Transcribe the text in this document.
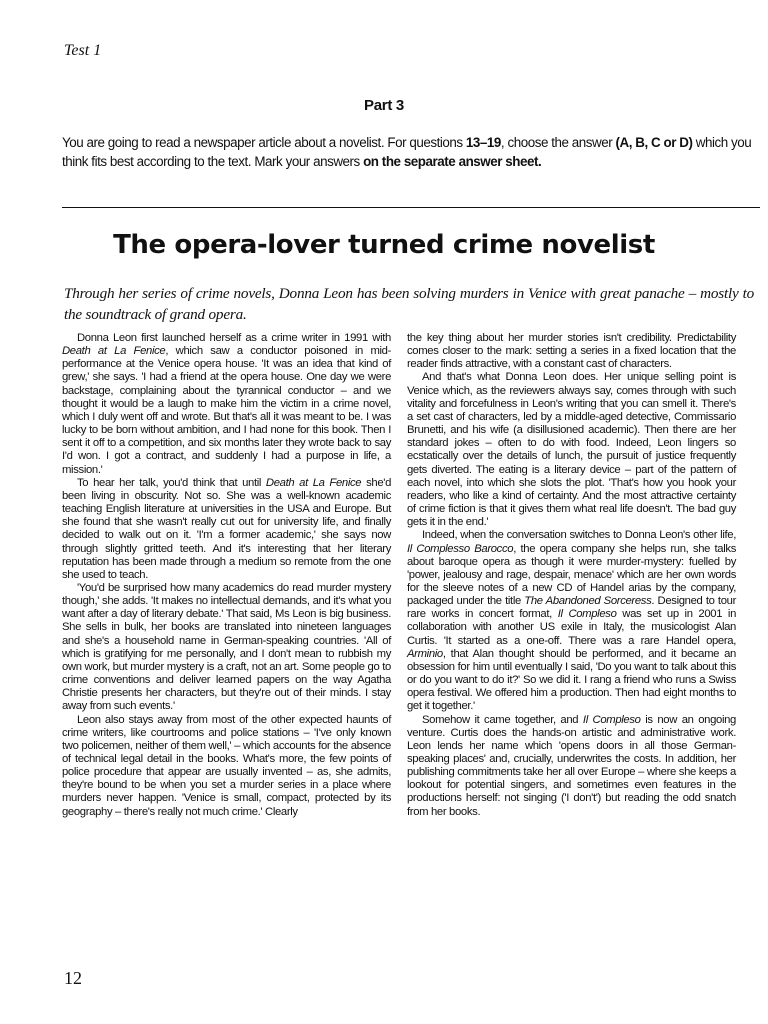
Test 1
Part 3
You are going to read a newspaper article about a novelist. For questions 13–19, choose the answer (A, B, C or D) which you think fits best according to the text. Mark your answers on the separate answer sheet.
The opera-lover turned crime novelist
Through her series of crime novels, Donna Leon has been solving murders in Venice with great panache – mostly to the soundtrack of grand opera.

Donna Leon first launched herself as a crime writer in 1991 with Death at La Fenice, which saw a conductor poisoned in mid-performance at the Venice opera house. 'It was an idea that kind of grew,' she says. 'I had a friend at the opera house. One day we were backstage, complaining about the tyrannical conductor – and we thought it would be a laugh to make him the victim in a crime novel, which I duly went off and wrote. But that's all it was meant to be. I was lucky to be born without ambition, and I had none for this book. Then I sent it off to a competition, and six months later they wrote back to say I'd won. I got a contract, and suddenly I had a purpose in life, a mission.'

To hear her talk, you'd think that until Death at La Fenice she'd been living in obscurity. Not so. She was a well-known academic teaching English literature at universities in the USA and Europe. But she found that she wasn't really cut out for university life, and finally decided to walk out on it. 'I'm a former academic,' she says now through slightly gritted teeth. And it's interesting that her literary reputation has been made through a medium so remote from the one she used to teach.

'You'd be surprised how many academics do read murder mystery though,' she adds. 'It makes no intellectual demands, and it's what you want after a day of literary debate.' That said, Ms Leon is big business. She sells in bulk, her books are translated into nineteen languages and she's a household name in German-speaking countries. 'All of which is gratifying for me personally, and I don't mean to rubbish my own work, but murder mystery is a craft, not an art. Some people go to crime conventions and deliver learned papers on the way Agatha Christie presents her characters, but they're out of their minds. I stay away from such events.'

Leon also stays away from most of the other expected haunts of crime writers, like courtrooms and police stations – 'I've only known two policemen, neither of them well,' – which accounts for the absence of technical legal detail in the books. What's more, the few points of police procedure that appear are usually invented – as, she admits, they're bound to be when you set a murder series in a place where murders never happen. 'Venice is small, compact, protected by its geography – there's really not much crime.' Clearly

the key thing about her murder stories isn't credibility. Predictability comes closer to the mark: setting a series in a fixed location that the reader finds attractive, with a constant cast of characters.

And that's what Donna Leon does. Her unique selling point is Venice which, as the reviewers always say, comes through with such vitality and forcefulness in Leon's writing that you can smell it. There's a set cast of characters, led by a middle-aged detective, Commissario Brunetti, and his wife (a disillusioned academic). Then there are her standard jokes – often to do with food. Indeed, Leon lingers so ecstatically over the details of lunch, the pursuit of justice frequently gets diverted. The eating is a literary device – part of the pattern of each novel, into which she slots the plot. 'That's how you hook your readers, who like a kind of certainty. And the most attractive certainty of crime fiction is that it gives them what real life doesn't. The bad guy gets it in the end.'

Indeed, when the conversation switches to Donna Leon's other life, Il Complesso Barocco, the opera company she helps run, she talks about baroque opera as though it were murder-mystery: fuelled by 'power, jealousy and rage, despair, menace' which are her own words for the sleeve notes of a new CD of Handel arias by the company, packaged under the title The Abandoned Sorceress. Designed to tour rare works in concert format, Il Compleso was set up in 2001 in collaboration with another US exile in Italy, the musicologist Alan Curtis. 'It started as a one-off. There was a rare Handel opera, Arminio, that Alan thought should be performed, and it became an obsession for him until eventually I said, 'Do you want to talk about this or do you want to do it?' So we did it. I rang a friend who runs a Swiss opera festival. We offered him a production. Then had eight months to get it together.'

Somehow it came together, and Il Compleso is now an ongoing venture. Curtis does the hands-on artistic and administrative work. Leon lends her name which 'opens doors in all those German-speaking places' and, crucially, underwrites the costs. In addition, her publishing commitments take her all over Europe – where she keeps a lookout for potential singers, and sometimes even features in the productions herself: not singing ('I don't') but reading the odd snatch from her books.

12
